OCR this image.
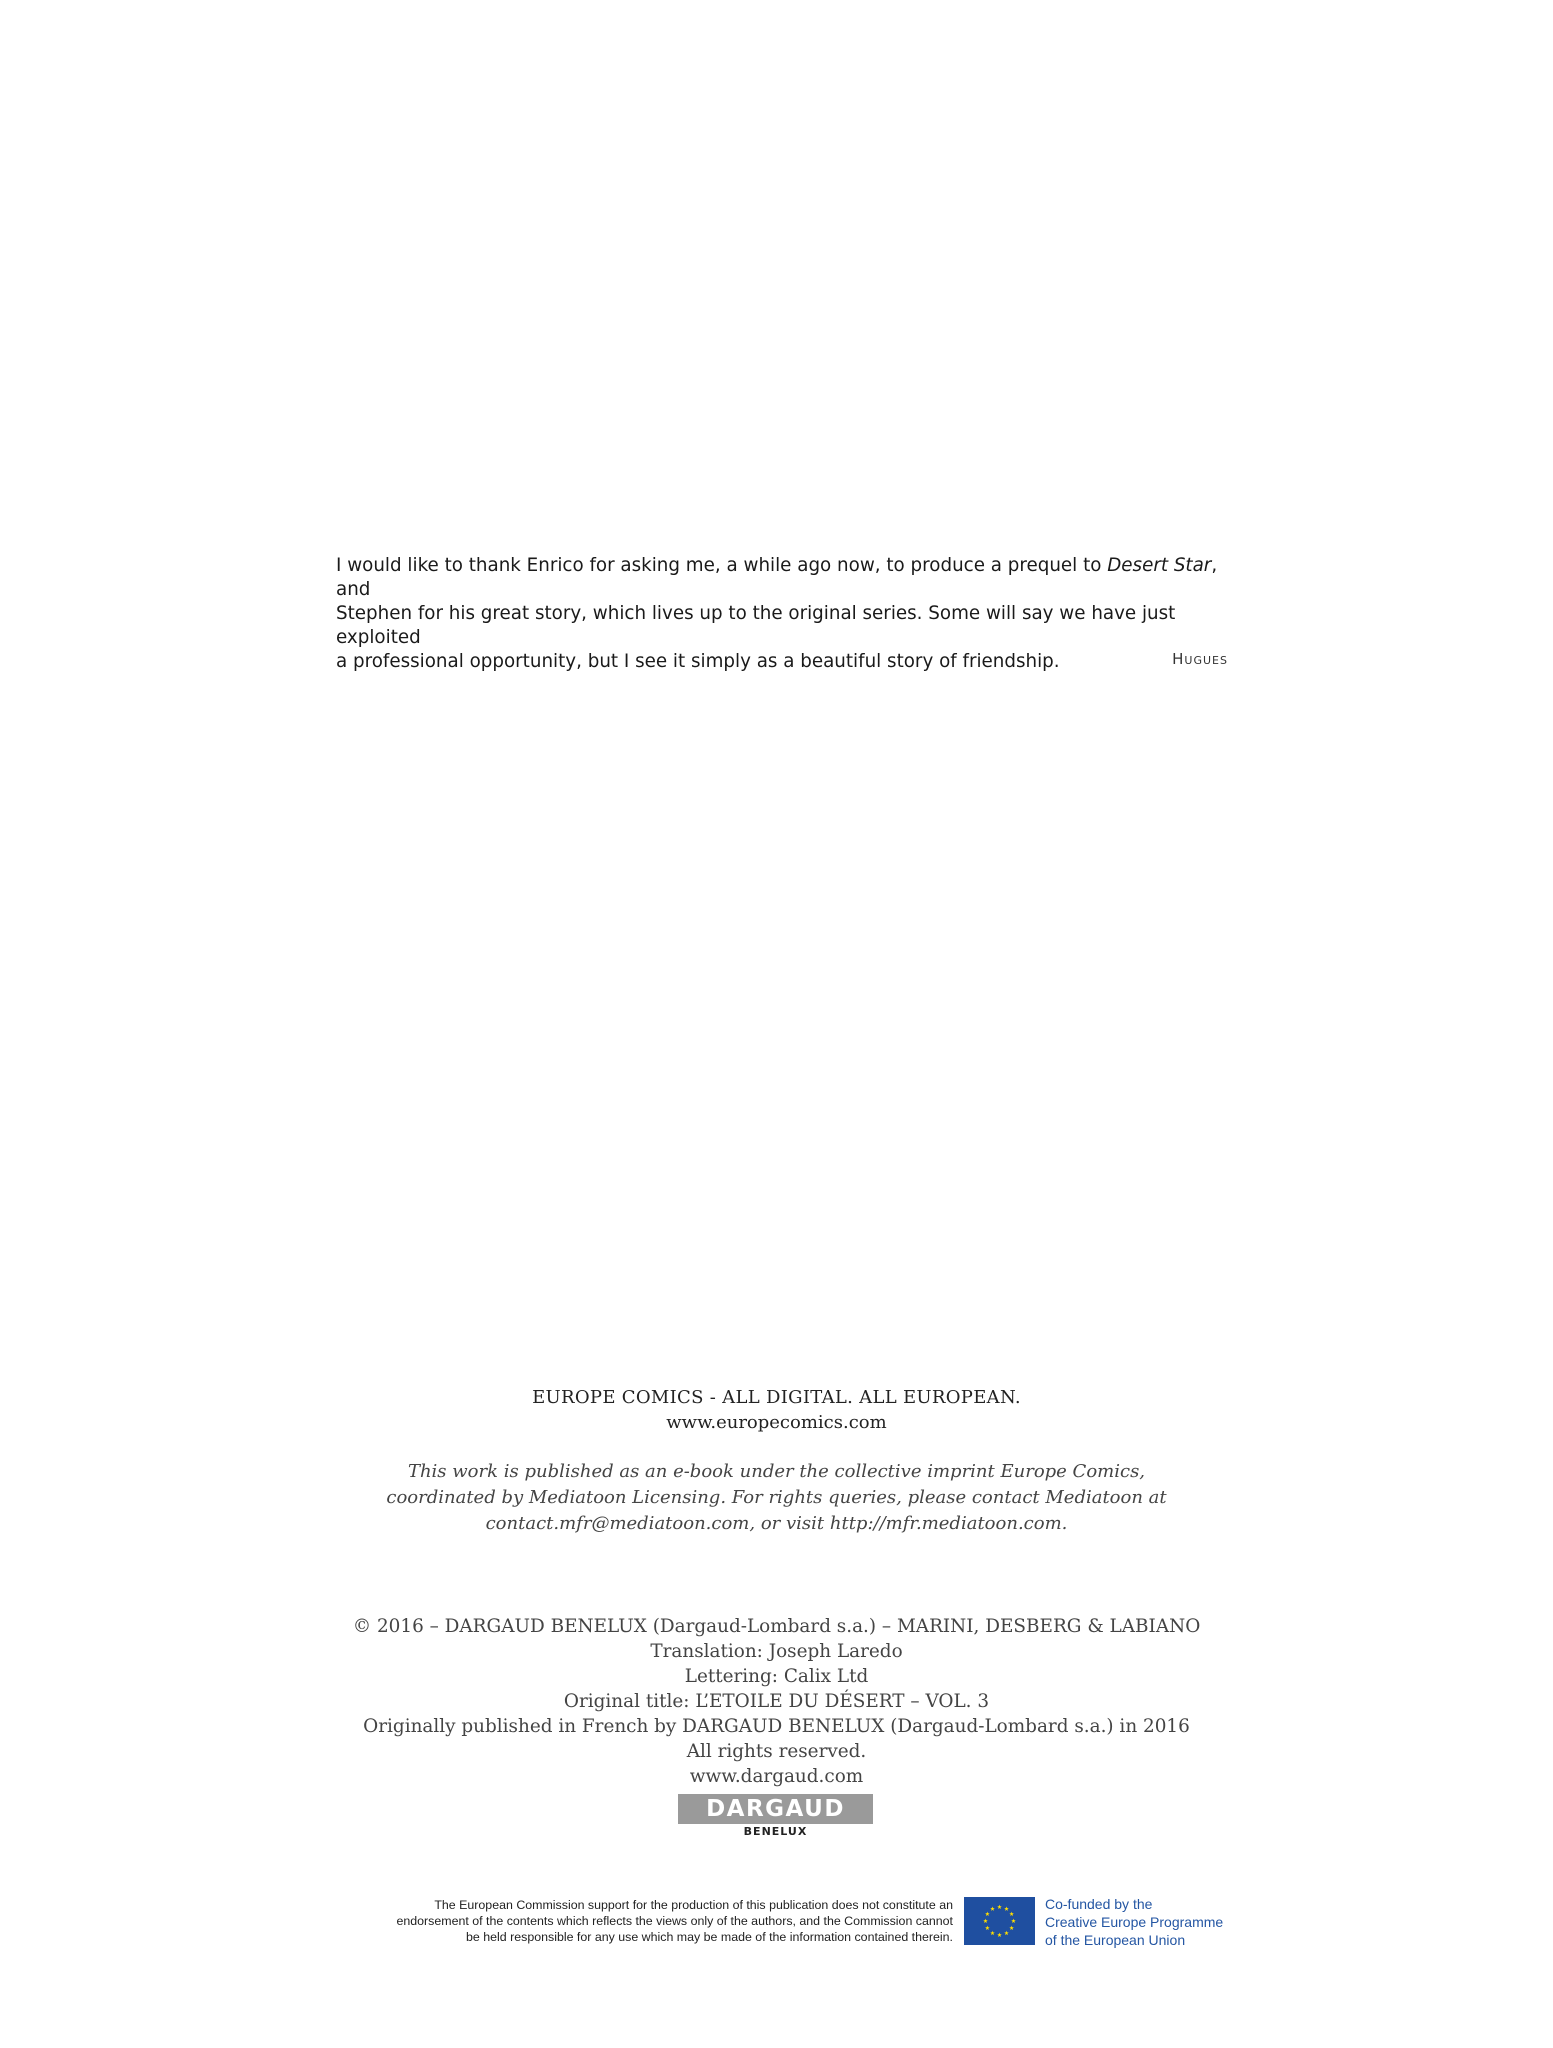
I would like to thank Enrico for asking me, a while ago now, to produce a prequel to Desert Star, and

Stephen for his great story, which lives up to the original series. Some will say we have just exploited

a professional opportunity, but I see it simply as a beautiful story of friendship.	Hugues
EUROPE COMICS - ALL DIGITAL. ALL EUROPEAN.
www.europecomics.com
This work is published as an e-book under the collective imprint Europe Comics,
coordinated by Mediatoon Licensing. For rights queries, please contact Mediatoon at
contact.mfr@mediatoon.com, or visit http://mfr.mediatoon.com.
© 2016 – DARGAUD BENELUX (Dargaud-Lombard s.a.) – MARINI, DESBERG & LABIANO
Translation: Joseph Laredo
Lettering: Calix Ltd
Original title: L’ETOILE DU DÉSERT – VOL. 3
Originally published in French by DARGAUD BENELUX (Dargaud-Lombard s.a.) in 2016
All rights reserved.
www.dargaud.com
DARGAUD
BENELUX
The European Commission support for the production of this publication does not constitute an
endorsement of the contents which reflects the views only of the authors, and the Commission cannot
be held responsible for any use which may be made of the information contained therein.
Co-funded by the
Creative Europe Programme
of the European Union
